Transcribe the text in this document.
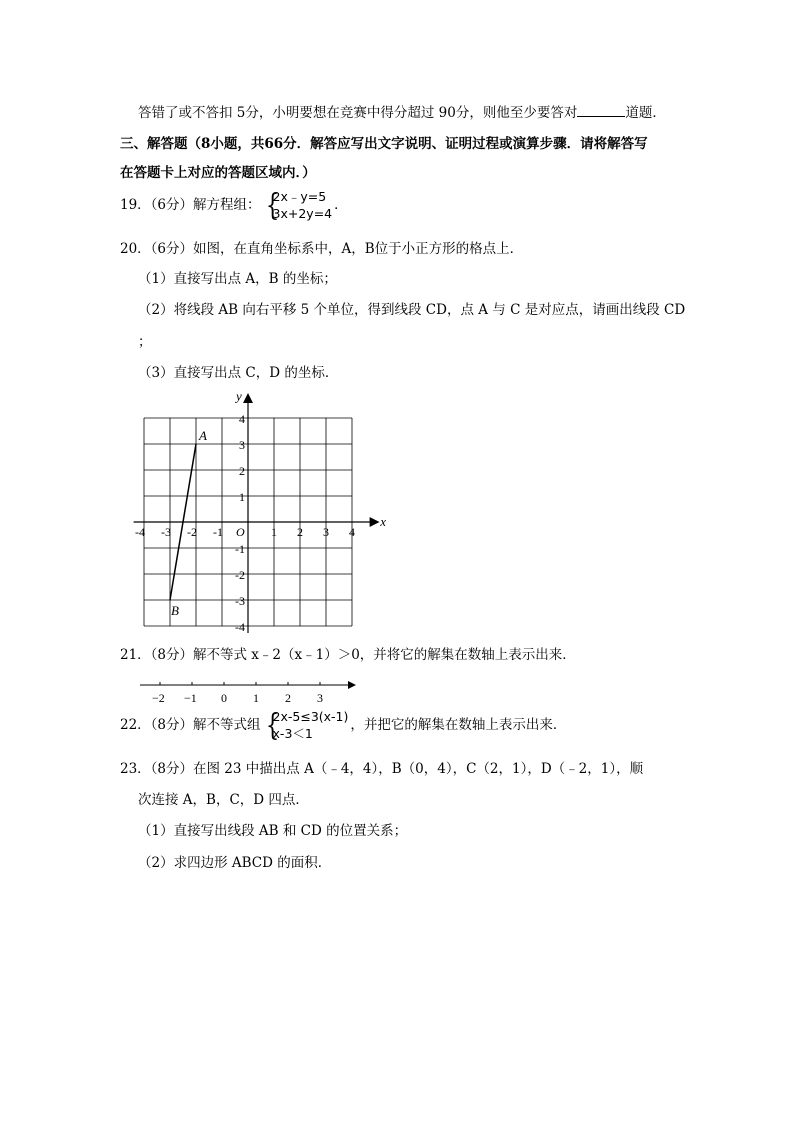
答错了或不答扣 5分，小明要想在竞赛中得分超过 90分，则他至少要答对	道题．
三、解答题（8小题，共66分．解答应写出文字说明、证明过程或演算步骤．请将解答写
在答题卡上对应的答题区域内．）
19．（6分）解方程组： {
2x﹣y=5
3x+2y=4
．
20．（6分）如图，在直角坐标系中，A，B位于小正方形的格点上．
（1）直接写出点 A，B 的坐标；
（2）将线段 AB 向右平移 5 个单位，得到线段 CD，点 A 与 C 是对应点，请画出线段 CD
；
（3）直接写出点 C，D 的坐标．
-4 -3 -2 -1	1 2 3 4
4
3
2
1
-1
-2
-3
-4
A
B
x
y
O
21．（8分）解不等式 x﹣2（x﹣1）＞0，并将它的解集在数轴上表示出来．
−2 −1 0 1 2 3
22．（8分）解不等式组 {
2x-5≤3(x-1)
x-3＜1
，并把它的解集在数轴上表示出来．
23．（8分）在图 23 中描出点 A（﹣4，4），B（0，4），C（2，1），D（﹣2，1），顺
次连接 A，B，C，D 四点．
（1）直接写出线段 AB 和 CD 的位置关系；
（2）求四边形 ABCD 的面积．
